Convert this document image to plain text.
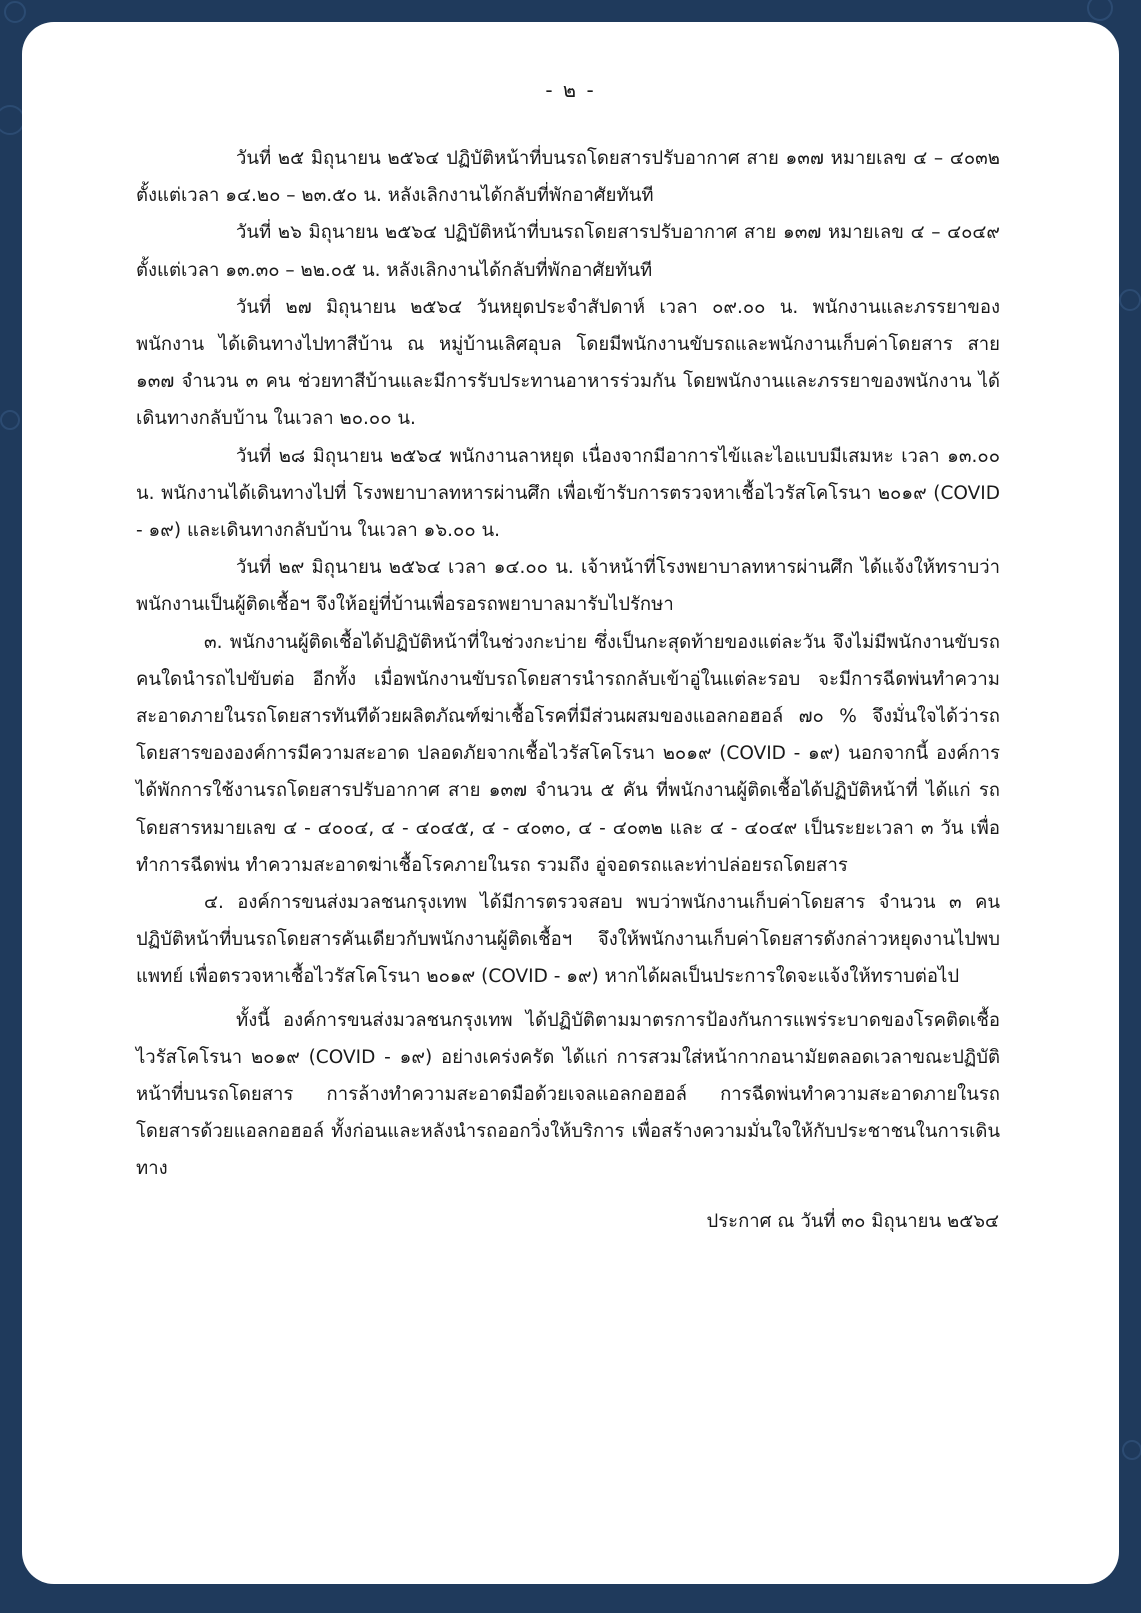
- ๒ -

วันที่ ๒๕ มิถุนายน ๒๕๖๔ ปฏิบัติหน้าที่บนรถโดยสารปรับอากาศ สาย ๑๓๗ หมายเลข ๔ – ๔๐๓๒ ตั้งแต่เวลา ๑๔.๒๐ – ๒๓.๕๐ น. หลังเลิกงานได้กลับที่พักอาศัยทันที

วันที่ ๒๖ มิถุนายน ๒๕๖๔ ปฏิบัติหน้าที่บนรถโดยสารปรับอากาศ สาย ๑๓๗ หมายเลข ๔ – ๔๐๔๙ ตั้งแต่เวลา ๑๓.๓๐ – ๒๒.๐๕ น. หลังเลิกงานได้กลับที่พักอาศัยทันที

วันที่ ๒๗ มิถุนายน ๒๕๖๔ วันหยุดประจำสัปดาห์ เวลา ๐๙.๐๐ น. พนักงานและภรรยาของพนักงาน ได้เดินทางไปทาสีบ้าน ณ หมู่บ้านเลิศอุบล โดยมีพนักงานขับรถและพนักงานเก็บค่าโดยสาร สาย ๑๓๗ จำนวน ๓ คน ช่วยทาสีบ้านและมีการรับประทานอาหารร่วมกัน โดยพนักงานและภรรยาของพนักงาน ได้เดินทางกลับบ้าน ในเวลา ๒๐.๐๐ น.

วันที่ ๒๘ มิถุนายน ๒๕๖๔ พนักงานลาหยุด เนื่องจากมีอาการไข้และไอแบบมีเสมหะ เวลา ๑๓.๐๐ น. พนักงานได้เดินทางไปที่ โรงพยาบาลทหารผ่านศึก เพื่อเข้ารับการตรวจหาเชื้อไวรัสโคโรนา ๒๐๑๙ (COVID - ๑๙) และเดินทางกลับบ้าน ในเวลา ๑๖.๐๐ น.

วันที่ ๒๙ มิถุนายน ๒๕๖๔ เวลา ๑๔.๐๐ น. เจ้าหน้าที่โรงพยาบาลทหารผ่านศึก ได้แจ้งให้ทราบว่า พนักงานเป็นผู้ติดเชื้อฯ จึงให้อยู่ที่บ้านเพื่อรอรถพยาบาลมารับไปรักษา

๓. พนักงานผู้ติดเชื้อได้ปฏิบัติหน้าที่ในช่วงกะบ่าย ซึ่งเป็นกะสุดท้ายของแต่ละวัน จึงไม่มีพนักงานขับรถคนใดนำรถไปขับต่อ อีกทั้ง เมื่อพนักงานขับรถโดยสารนำรถกลับเข้าอู่ในแต่ละรอบ จะมีการฉีดพ่นทำความสะอาดภายในรถโดยสารทันทีด้วยผลิตภัณฑ์ฆ่าเชื้อโรคที่มีส่วนผสมของแอลกอฮอล์ ๗๐ % จึงมั่นใจได้ว่ารถโดยสารขององค์การมีความสะอาด ปลอดภัยจากเชื้อไวรัสโคโรนา ๒๐๑๙ (COVID - ๑๙) นอกจากนี้ องค์การได้พักการใช้งานรถโดยสารปรับอากาศ สาย ๑๓๗ จำนวน ๕ คัน ที่พนักงานผู้ติดเชื้อได้ปฏิบัติหน้าที่ ได้แก่ รถโดยสารหมายเลข ๔ - ๔๐๐๔, ๔ - ๔๐๔๕, ๔ - ๔๐๓๐, ๔ - ๔๐๓๒ และ ๔ - ๔๐๔๙ เป็นระยะเวลา ๓ วัน เพื่อทำการฉีดพ่น ทำความสะอาดฆ่าเชื้อโรคภายในรถ รวมถึง อู่จอดรถและท่าปล่อยรถโดยสาร

๔. องค์การขนส่งมวลชนกรุงเทพ ได้มีการตรวจสอบ พบว่าพนักงานเก็บค่าโดยสาร จำนวน ๓ คน ปฏิบัติหน้าที่บนรถโดยสารคันเดียวกับพนักงานผู้ติดเชื้อฯ จึงให้พนักงานเก็บค่าโดยสารดังกล่าวหยุดงานไปพบแพทย์ เพื่อตรวจหาเชื้อไวรัสโคโรนา ๒๐๑๙ (COVID - ๑๙) หากได้ผลเป็นประการใดจะแจ้งให้ทราบต่อไป

ทั้งนี้ องค์การขนส่งมวลชนกรุงเทพ ได้ปฏิบัติตามมาตรการป้องกันการแพร่ระบาดของโรคติดเชื้อไวรัสโคโรนา ๒๐๑๙ (COVID - ๑๙) อย่างเคร่งครัด ได้แก่ การสวมใส่หน้ากากอนามัยตลอดเวลาขณะปฏิบัติหน้าที่บนรถโดยสาร การล้างทำความสะอาดมือด้วยเจลแอลกอฮอล์ การฉีดพ่นทำความสะอาดภายในรถโดยสารด้วยแอลกอฮอล์ ทั้งก่อนและหลังนำรถออกวิ่งให้บริการ เพื่อสร้างความมั่นใจให้กับประชาชนในการเดินทาง

ประกาศ ณ วันที่ ๓๐ มิถุนายน ๒๕๖๔
